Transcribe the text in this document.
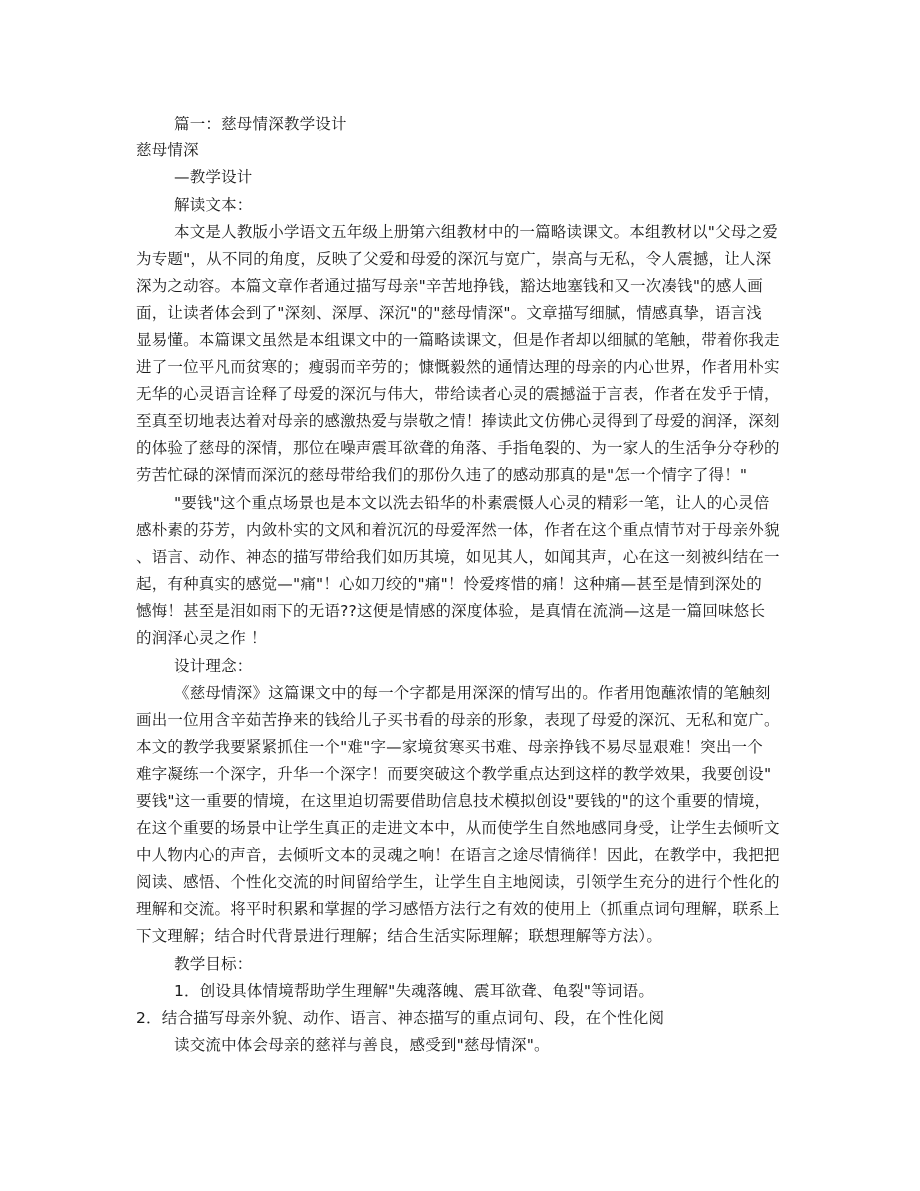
篇一：慈母情深教学设计
慈母情深
—教学设计
解读文本：
本文是人教版小学语文五年级上册第六组教材中的一篇略读课文。本组教材以"父母之爱
为专题"，从不同的角度，反映了父爱和母爱的深沉与宽广，崇高与无私，令人震撼，让人深
深为之动容。本篇文章作者通过描写母亲"辛苦地挣钱，豁达地塞钱和又一次凑钱"的感人画
面，让读者体会到了"深刻、深厚、深沉"的"慈母情深"。文章描写细腻，情感真挚，语言浅
显易懂。本篇课文虽然是本组课文中的一篇略读课文，但是作者却以细腻的笔触，带着你我走
进了一位平凡而贫寒的；瘦弱而辛劳的；慷慨毅然的通情达理的母亲的内心世界，作者用朴实
无华的心灵语言诠释了母爱的深沉与伟大，带给读者心灵的震撼溢于言表，作者在发乎于情，
至真至切地表达着对母亲的感激热爱与崇敬之情！捧读此文仿佛心灵得到了母爱的润泽，深刻
的体验了慈母的深情，那位在噪声震耳欲聋的角落、手指龟裂的、为一家人的生活争分夺秒的
劳苦忙碌的深情而深沉的慈母带给我们的那份久违了的感动那真的是"怎一个情字了得！"
"要钱"这个重点场景也是本文以洗去铅华的朴素震慑人心灵的精彩一笔，让人的心灵倍
感朴素的芬芳，内敛朴实的文风和着沉沉的母爱浑然一体，作者在这个重点情节对于母亲外貌
、语言、动作、神态的描写带给我们如历其境，如见其人，如闻其声，心在这一刻被纠结在一
起，有种真实的感觉—"痛"！心如刀绞的"痛"！怜爱疼惜的痛！这种痛—甚至是情到深处的
憾悔！甚至是泪如雨下的无语??这便是情感的深度体验，是真情在流淌—这是一篇回味悠长
的润泽心灵之作 ！
设计理念：
《慈母情深》这篇课文中的每一个字都是用深深的情写出的。作者用饱蘸浓情的笔触刻
画出一位用含辛茹苦挣来的钱给儿子买书看的母亲的形象，表现了母爱的深沉、无私和宽广。
本文的教学我要紧紧抓住一个"难"字—家境贫寒买书难、母亲挣钱不易尽显艰难！突出一个
难字凝练一个深字，升华一个深字！而要突破这个教学重点达到这样的教学效果，我要创设"
要钱"这一重要的情境，在这里迫切需要借助信息技术模拟创设"要钱的"的这个重要的情境，
在这个重要的场景中让学生真正的走进文本中，从而使学生自然地感同身受，让学生去倾听文
中人物内心的声音，去倾听文本的灵魂之响！在语言之途尽情徜徉！因此，在教学中，我把把
阅读、感悟、个性化交流的时间留给学生，让学生自主地阅读，引领学生充分的进行个性化的
理解和交流。将平时积累和掌握的学习感悟方法行之有效的使用上（抓重点词句理解，联系上
下文理解；结合时代背景进行理解；结合生活实际理解；联想理解等方法）。
教学目标：
1．创设具体情境帮助学生理解"失魂落魄、震耳欲聋、龟裂"等词语。
2．结合描写母亲外貌、动作、语言、神态描写的重点词句、段，在个性化阅
读交流中体会母亲的慈祥与善良，感受到"慈母情深"。
